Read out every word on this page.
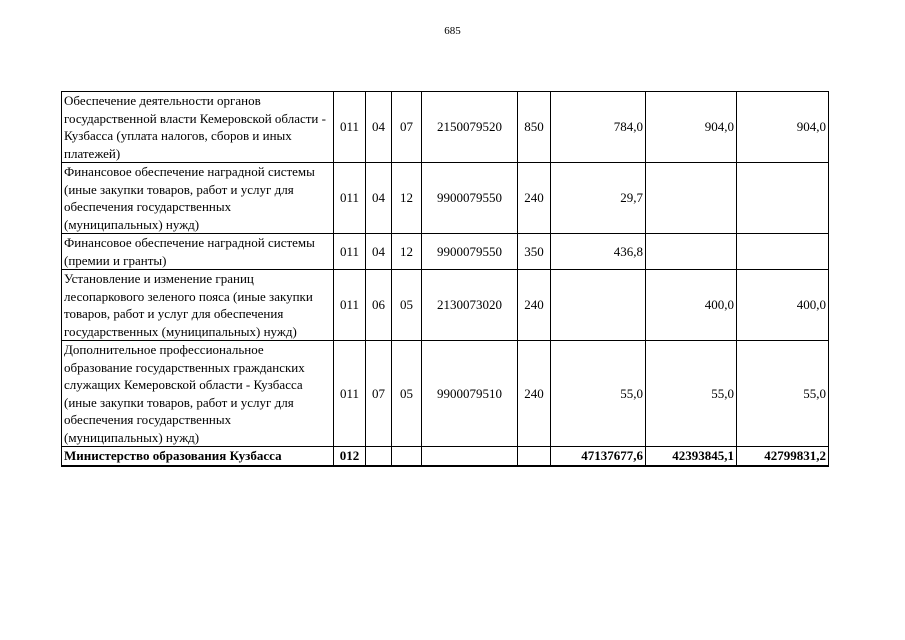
685
Обеспечение деятельности органов государственной власти Кемеровской области - Кузбасса (уплата налогов, сборов и иных платежей)	011	04	07	2150079520	850	784,0	904,0	904,0
Финансовое обеспечение наградной системы (иные закупки товаров, работ и услуг для обеспечения государственных (муниципальных) нужд)	011	04	12	9900079550	240	29,7		
Финансовое обеспечение наградной системы (премии и гранты)	011	04	12	9900079550	350	436,8		
Установление и изменение границ лесопаркового зеленого пояса (иные закупки товаров, работ и услуг для обеспечения государственных (муниципальных) нужд)	011	06	05	2130073020	240		400,0	400,0
Дополнительное профессиональное образование государственных гражданских служащих Кемеровской области - Кузбасса (иные закупки товаров, работ и услуг для обеспечения государственных (муниципальных) нужд)	011	07	05	9900079510	240	55,0	55,0	55,0
Министерство образования Кузбасса	012					47137677,6	42393845,1	42799831,2
